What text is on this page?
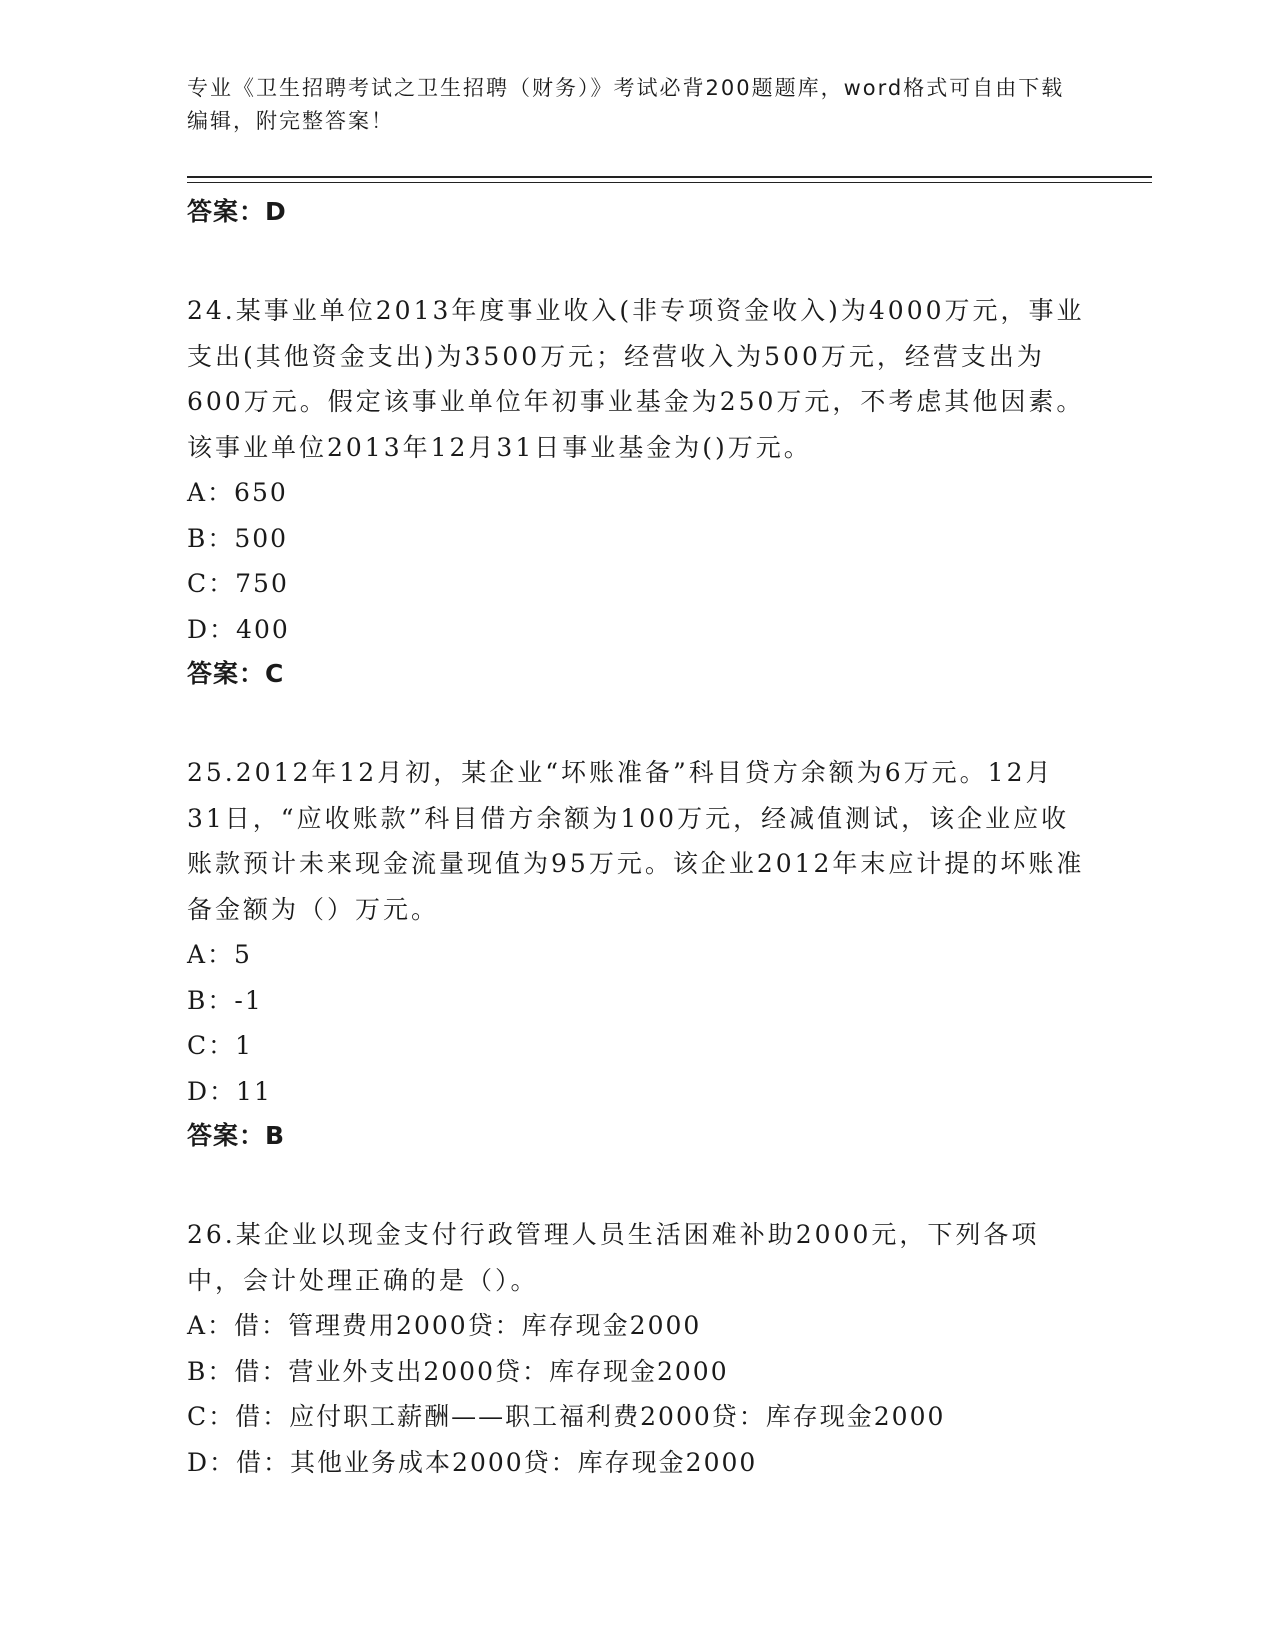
专业《卫生招聘考试之卫生招聘（财务）》考试必背200题题库，word格式可自由下载编辑，附完整答案！
答案：D
24.某事业单位2013年度事业收入(非专项资金收入)为4000万元，事业支出(其他资金支出)为3500万元；经营收入为500万元，经营支出为600万元。假定该事业单位年初事业基金为250万元，不考虑其他因素。该事业单位2013年12月31日事业基金为()万元。
A：650
B：500
C：750
D：400
答案：C
25.2012年12月初，某企业“坏账准备”科目贷方余额为6万元。12月31日，“应收账款”科目借方余额为100万元，经减值测试，该企业应收账款预计未来现金流量现值为95万元。该企业2012年末应计提的坏账准备金额为（）万元。
A：5
B：-1
C：1
D：11
答案：B
26.某企业以现金支付行政管理人员生活困难补助2000元，下列各项中，会计处理正确的是（）。
A：借：管理费用2000贷：库存现金2000
B：借：营业外支出2000贷：库存现金2000
C：借：应付职工薪酬——职工福利费2000贷：库存现金2000
D：借：其他业务成本2000贷：库存现金2000
